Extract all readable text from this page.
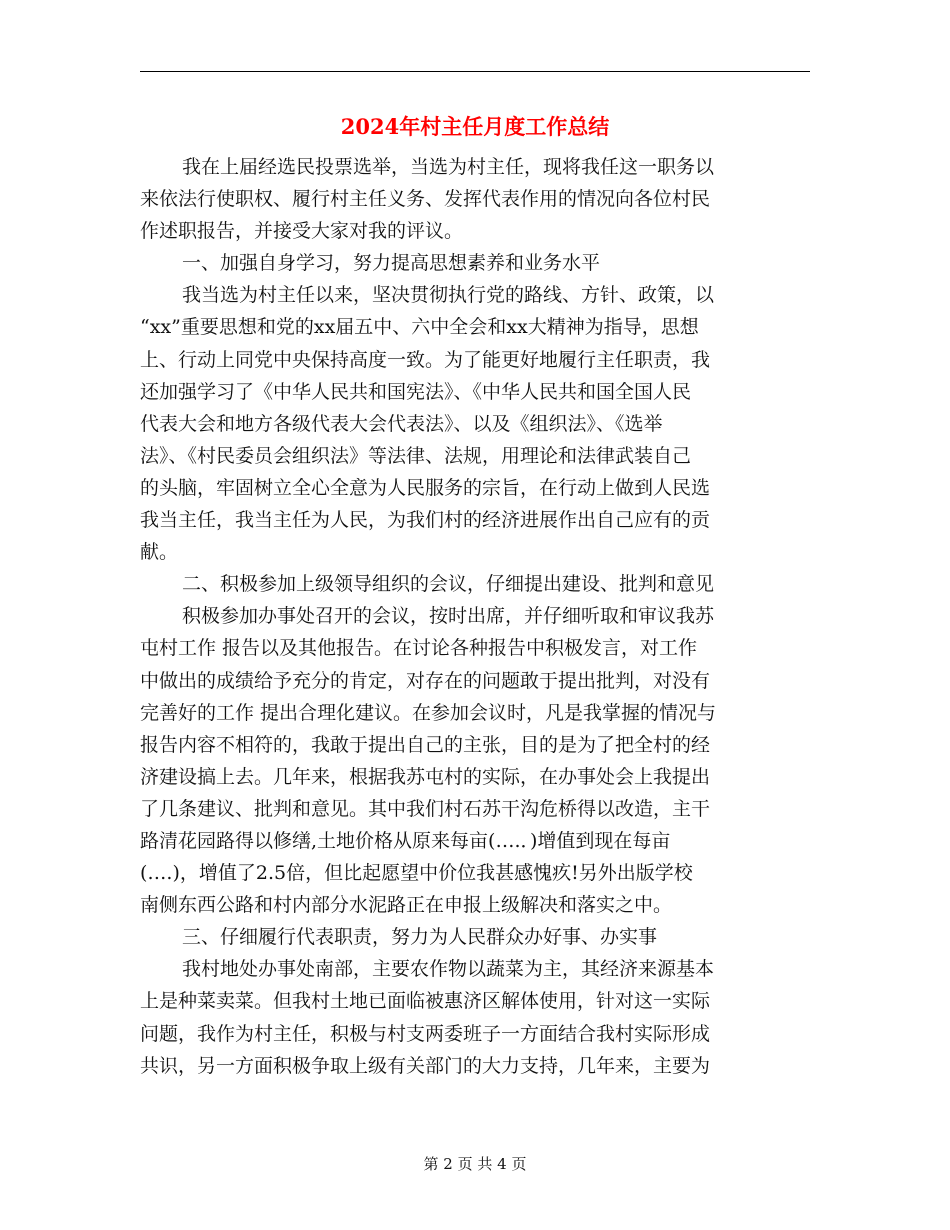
2024年村主任月度工作总结
我在上届经选民投票选举，当选为村主任，现将我任这一职务以
来依法行使职权、履行村主任义务、发挥代表作用的情况向各位村民
作述职报告，并接受大家对我的评议。
一、加强自身学习，努力提高思想素养和业务水平
我当选为村主任以来，坚决贯彻执行党的路线、方针、政策，以
“xx”重要思想和党的xx届五中、六中全会和xx大精神为指导，思想
上、行动上同党中央保持高度一致。为了能更好地履行主任职责，我
还加强学习了《中华人民共和国宪法》、《中华人民共和国全国人民
代表大会和地方各级代表大会代表法》、以及《组织法》、《选举
法》、《村民委员会组织法》等法律、法规，用理论和法律武装自己
的头脑，牢固树立全心全意为人民服务的宗旨，在行动上做到人民选
我当主任，我当主任为人民，为我们村的经济进展作出自己应有的贡
献。
二、积极参加上级领导组织的会议，仔细提出建设、批判和意见
积极参加办事处召开的会议，按时出席，并仔细听取和审议我苏
屯村工作 报告以及其他报告。在讨论各种报告中积极发言，对工作
中做出的成绩给予充分的肯定，对存在的问题敢于提出批判，对没有
完善好的工作 提出合理化建议。在参加会议时，凡是我掌握的情况与
报告内容不相符的，我敢于提出自己的主张，目的是为了把全村的经
济建设搞上去。几年来，根据我苏屯村的实际，在办事处会上我提出
了几条建议、批判和意见。其中我们村石苏干沟危桥得以改造，主干
路清花园路得以修缮,土地价格从原来每亩(….．)增值到现在每亩
(….)，增值了2.5倍，但比起愿望中价位我甚感愧疚!另外出版学校
南侧东西公路和村内部分水泥路正在申报上级解决和落实之中。
三、仔细履行代表职责，努力为人民群众办好事、办实事
我村地处办事处南部，主要农作物以蔬菜为主，其经济来源基本
上是种菜卖菜。但我村土地已面临被惠济区解体使用，针对这一实际
问题，我作为村主任，积极与村支两委班子一方面结合我村实际形成
共识，另一方面积极争取上级有关部门的大力支持，几年来，主要为
第 2 页 共 4 页
